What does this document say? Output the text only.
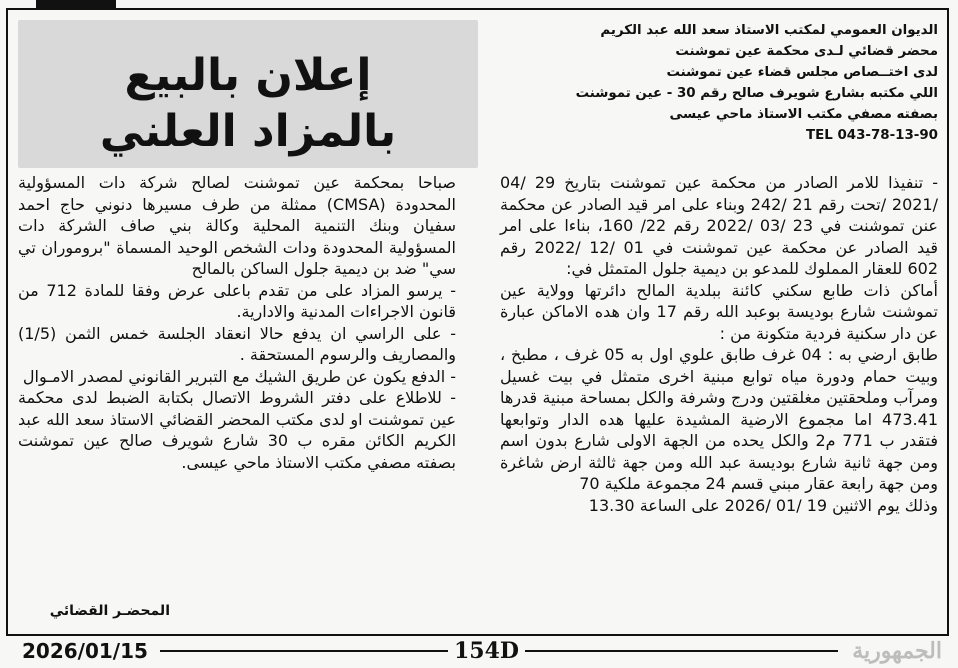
الديوان العمومي لمكتب الاستاذ سعد الله عبد الكريم
محضر قضائي لـدى محكمة عين تموشنت
لدى اختــصاص مجلس قضاء عين تموشنت
اللي مكتبه بشارع شويرف صالح رقم 30 - عين تموشنت
بصفته مصفي مكتب الاستاذ ماحي عيسى
TEL 043-78-13-90
إعلان بالبيع
بالمزاد العلني

- تنفيذا للامر الصادر من محكمة عين تموشنت بتاريخ 29 /04 /2021 /تحت رقم 21 /242 وبناء على امر قيد الصادر عن محكمة عنن تموشنت في 23 /03 /2022 رقم 22/ 160، بناءا على امر قيد الصادر عن محكمة عين تموشنت في 01 /12 /2022 رقم 602 للعقار المملوك للمدعو بن ديمية جلول المتمثل في:

أماكن ذات طابع سكني كائنة ببلدية المالح دائرتها وولاية عين تموشنت شارع بوديسة بوعبد الله رقم 17 وان هده الاماكن عبارة عن دار سكنية فردية متكونة من :

طابق ارضي به : 04 غرف طابق علوي اول به 05 غرف ، مطبخ ، وبيت حمام ودورة مياه توابع مبنية اخرى متمثل في بيت غسيل ومرآب وملحقتين مغلقتين ودرج وشرفة والكل بمساحة مبنية قدرها 473.41 اما مجموع الارضية المشيدة عليها هده الدار وتوابعها فتقدر ب 771 م2 والكل يحده من الجهة الاولى شارع بدون اسم ومن جهة ثانية شارع بوديسة عبد الله ومن جهة ثالثة ارض شاغرة ومن جهة رابعة عقار مبني قسم 24 مجموعة ملكية 70

وذلك يوم الاثنين 19 /01 /2026 على الساعة 13.30

صباحا بمحكمة عين تموشنت لصالح شركة دات المسؤولية المحدودة (CMSA) ممثلة من طرف مسيرها دنوني حاج احمد سفيان وبنك التنمية المحلية وكالة بني صاف الشركة دات المسؤولية المحدودة ودات الشخص الوحيد المسماة "بروموران تي سي" ضد بن ديمية جلول الساكن بالمالح

- يرسو المزاد على من تقدم باعلى عرض وفقا للمادة 712 من قانون الاجراءات المدنية والادارية.

- على الراسي ان يدفع حالا انعقاد الجلسة خمس الثمن (1/5) والمصاريف والرسوم المستحقة .

- الدفع يكون عن طريق الشيك مع التبرير القانوني لمصدر الامـوال

- للاطلاع على دفتر الشروط الاتصال بكتابة الضبط لدى محكمة عين تموشنت او لدى مكتب المحضر القضائي الاستاذ سعد الله عبد الكريم الكائن مقره ب 30 شارع شويرف صالح عين تموشنت بصفته مصفي مكتب الاستاذ ماحي عيسى.

المحضـر القضائي
2026/01/15	154D	الجمهورية
